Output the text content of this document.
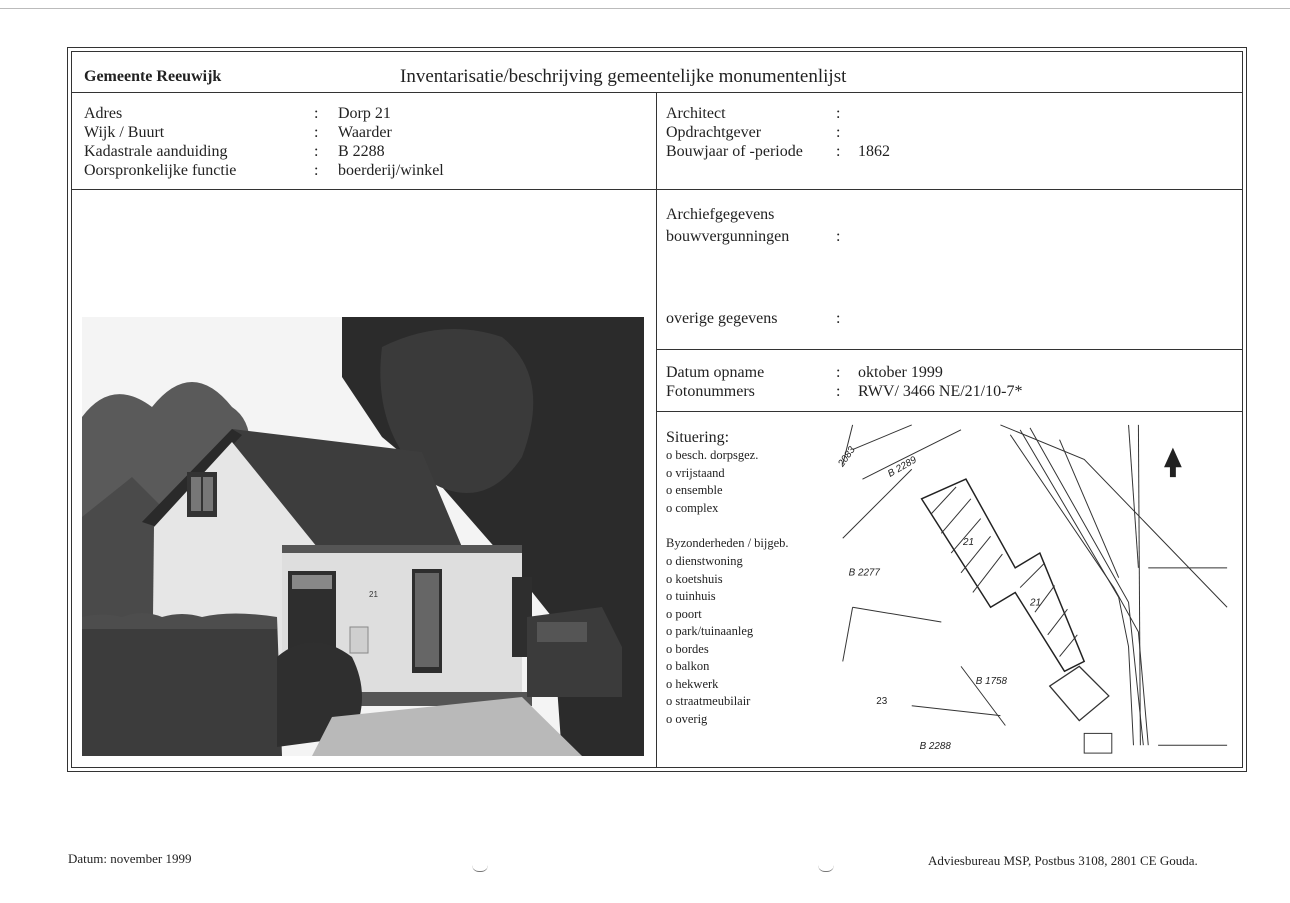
Gemeente Reeuwijk	Inventarisatie/beschrijving gemeentelijke monumentenlijst
Adres	:	Dorp 21
Wijk / Buurt	:	Waarder
Kadastrale aanduiding	:	B 2288
Oorspronkelijke functie	:	boerderij/winkel
Architect	:
Opdrachtgever	:
Bouwjaar of -periode : 1862
Archiefgegevens
bouwvergunningen	:
overige gegevens	:
Datum opname	: oktober 1999
Fotonummers	: RWV/ 3466 NE/21/10-7*
Situering:
o besch. dorpsgez.
o vrijstaand
o ensemble
o complex
Byzonderheden / bijgeb.
o dienstwoning
o koetshuis
o tuinhuis
o poort
o park/tuinaanleg
o bordes
o balkon
o hekwerk
o straatmeubilair
o overig
21
2083	B 2289
B 2277
21
21
B 1758
23
B 2288
Datum: november 1999	Adviesbureau MSP, Postbus 3108, 2801 CE Gouda.
